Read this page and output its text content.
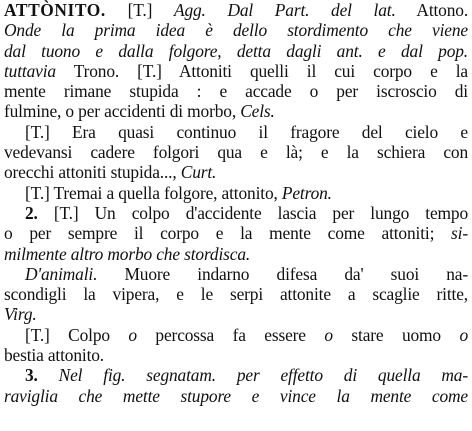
ATTÒNITO. [T.] Agg. Dal Part. del lat. Attono.
Onde la prima idea è dello stordimento che viene
dal tuono e dalla folgore, detta dagli ant. e dal pop.
tuttavia Trono. [T.] Attoniti quelli il cui corpo e la
mente rimane stupida : e accade o per iscroscio di
fulmine, o per accidenti di morbo, Cels.
[T.] Era quasi continuo il fragore del cielo e
vedevansi cadere folgori qua e là; e la schiera con
orecchi attoniti stupida..., Curt.
[T.] Tremai a quella folgore, attonito, Petron.
2. [T.] Un colpo d'accidente lascia per lungo tempo
o per sempre il corpo e la mente come attoniti; si-
milmente altro morbo che stordisca.
D'animali. Muore indarno difesa da' suoi na-
scondigli la vipera, e le serpi attonite a scaglie ritte,
Virg.
[T.] Colpo o percossa fa essere o stare uomo o
bestia attonito.
3. Nel fig. segnatam. per effetto di quella ma-
raviglia che mette stupore e vince la mente come
